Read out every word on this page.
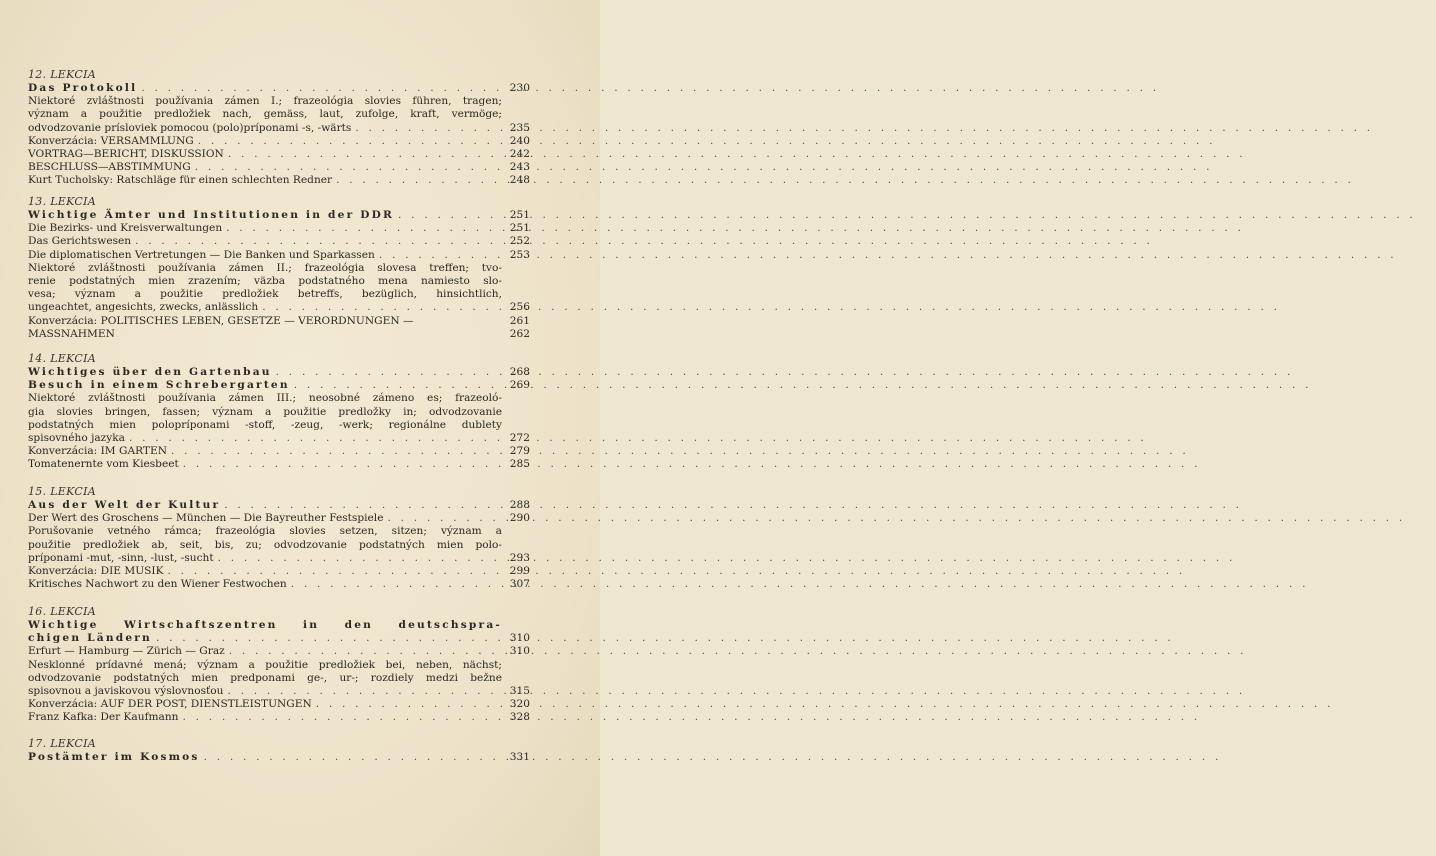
12. LEKCIA
Das Protokoll . . .	230
Niektoré zvláštnosti používania zámen I.; frazeológia slovies führen, tragen;
význam a použitie predložiek nach, gemäss, laut, zufolge, kraft, vermöge;
odvodzovanie prísloviek pomocou (polo)príponami -s, -wärts . . .	235
Konverzácia: VERSAMMLUNG . . .	240
VORTRAG—BERICHT, DISKUSSION . . .	242
BESCHLUSS—ABSTIMMUNG . . .	243
Kurt Tucholsky: Ratschläge für einen schlechten Redner . . .	248
13. LEKCIA
Wichtige Ämter und Institutionen in der DDR . . .	251
Die Bezirks- und Kreisverwaltungen . . .	251
Das Gerichtswesen . . .	252
Die diplomatischen Vertretungen — Die Banken und Sparkassen . . .	253
Niektoré zvláštnosti používania zámen II.; frazeológia slovesa treffen; tvo-
renie podstatných mien zrazením; väzba podstatného mena namiesto slo-
vesa; význam a použitie predložiek betreffs, bezüglich, hinsichtlich,
ungeachtet, angesichts, zwecks, anlässlich . . .	256
Konverzácia: POLITISCHES LEBEN, GESETZE — VERORDNUNGEN —	261
MASSNAHMEN	262
14. LEKCIA
Wichtiges über den Gartenbau . . .	268
Besuch in einem Schrebergarten . . .	269
Niektoré zvláštnosti používania zámen III.; neosobné zámeno es; frazeoló-
gia slovies bringen, fassen; význam a použitie predložky in; odvodzovanie
podstatných mien polopríponami -stoff, -zeug, -werk; regionálne dublety
spisovného jazyka . . .	272
Konverzácia: IM GARTEN . . .	279
Tomatenernte vom Kiesbeet . . .	285
15. LEKCIA
Aus der Welt der Kultur . . .	288
Der Wert des Groschens — München — Die Bayreuther Festspiele . . .	290
Porušovanie vetného rámca; frazeológia slovies setzen, sitzen; význam a
použitie predložiek ab, seit, bis, zu; odvodzovanie podstatných mien polo-
príponami -mut, -sinn, -lust, -sucht . . .	293
Konverzácia: DIE MUSIK . . .	299
Kritisches Nachwort zu den Wiener Festwochen . . .	307
16. LEKCIA
Wichtige Wirtschaftszentren in den deutschspra-
chigen Ländern . . .	310
Erfurt — Hamburg — Zürich — Graz . . .	310
Nesklonné prídavné mená; význam a použitie predložiek bei, neben, nächst;
odvodzovanie podstatných mien predponami ge-, ur-; rozdiely medzi bežne
spisovnou a javiskovou výslovnosťou . . .	315
Konverzácia: AUF DER POST, DIENSTLEISTUNGEN . . .	320
Franz Kafka: Der Kaufmann . . .	328
17. LEKCIA
Postämter im Kosmos . . .	331
